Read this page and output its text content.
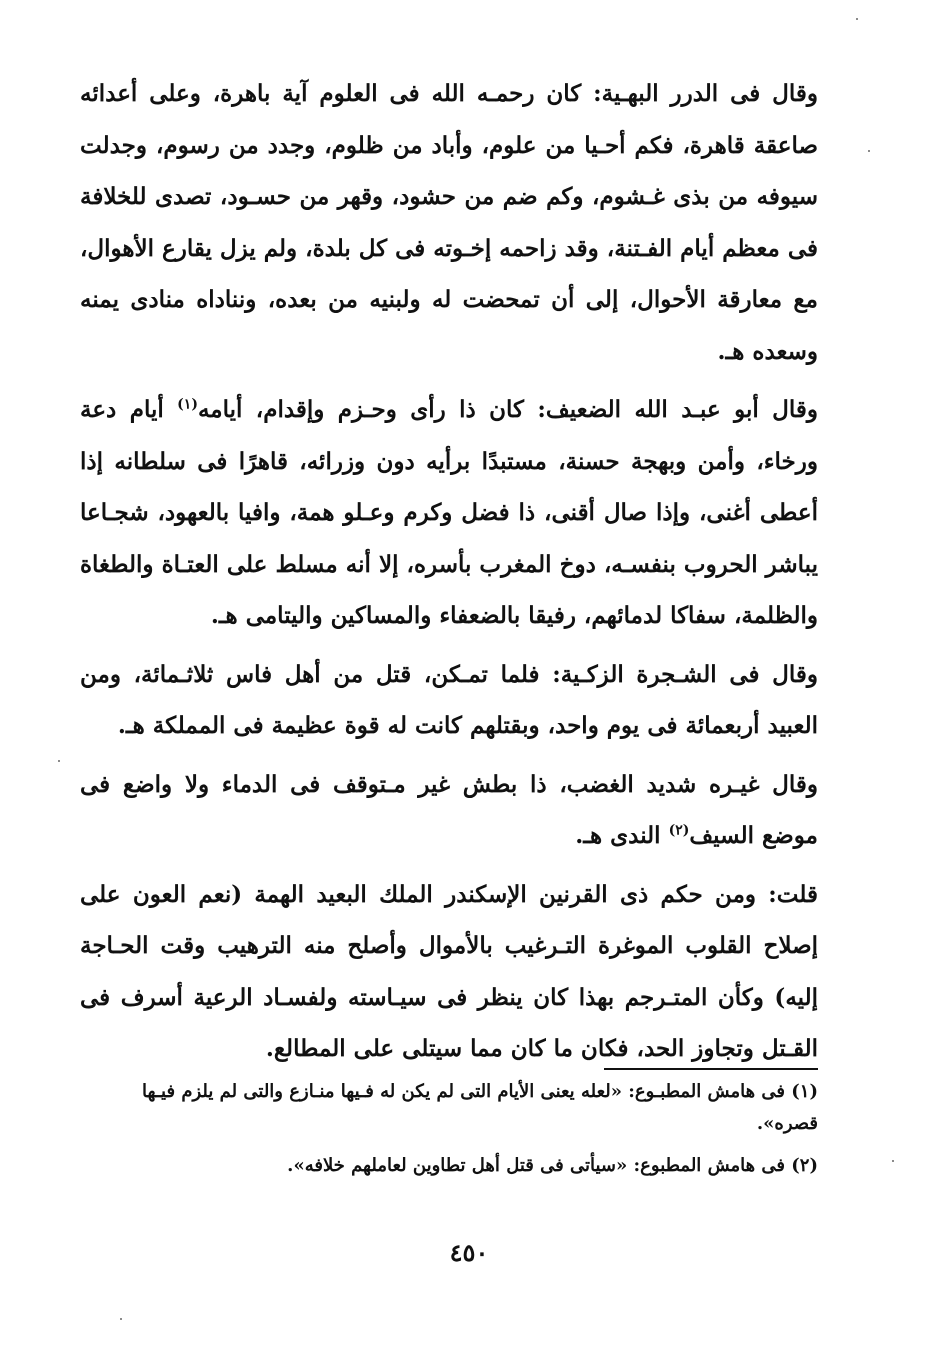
وقال فى الدرر البهـية: كان رحمـه الله فى العلوم آية باهرة، وعلى أعدائه صاعقة قاهرة، فكم أحـيا من علوم، وأباد من ظلوم، وجدد من رسوم، وجدلت سيوفه من بذى غـشوم، وكم ضم من حشود، وقهر من حسـود، تصدى للخلافة فى معظم أيام الفـتنة، وقد زاحمه إخـوته فى كل بلدة، ولم يزل يقارع الأهوال، مع معارقة الأحوال، إلى أن تمحضت له ولبنيه من بعده، ونناداه منادى يمنه وسعده هـ.

وقال أبو عبـد الله الضعيف: كان ذا رأى وحـزم وإقدام، أيامه$^{(١)}$ أيام دعة ورخاء، وأمن وبهجة حسنة، مستبدًا برأيه دون وزرائه، قاهرًا فى سلطانه إذا أعطى أغنى، وإذا صال أقنى، ذا فضل وكرم وعـلو همة، وافيا بالعهود، شجـاعا يباشر الحروب بنفسـه، دوخ المغرب بأسره، إلا أنه مسلط على العتـاة والطغاة والظلمة، سفاكا لدمائهم، رفيقا بالضعفاء والمساكين واليتامى هـ.

وقال فى الشـجرة الزكـية: فلما تمـكن، قتل من أهل فاس ثلاثـمائة، ومن العبيد أربعمائة فى يوم واحد، وبقتلهم كانت له قوة عظيمة فى المملكة هـ.

وقال غيـره شديد الغضب، ذا بطش غير مـتوقف فى الدماء ولا واضع فى موضع السيف$^{(٢)}$ الندى هـ.

قلت: ومن حكم ذى القرنين الإسكندر الملك البعيد الهمة (نعم العون على إصلاح القلوب الموغرة التـرغيب بالأموال وأصلح منه الترهيب وقت الحـاجة إليه) وكأن المتـرجم بهذا كان ينظر فى سيـاسته ولفسـاد الرعية أسرف فى القـتل وتجاوز الحد، فكان ما كان مما سيتلى على المطالع.

(١) فى هامش المطبـوع: «لعله يعنى الأيام التى لم يكن له فـيها منـازع والتى لم يلزم فيـها قصره».

(٢) فى هامش المطبوع: «سيأتى فى قتل أهل تطاوين لعاملهم خلافه».

٤٥٠
